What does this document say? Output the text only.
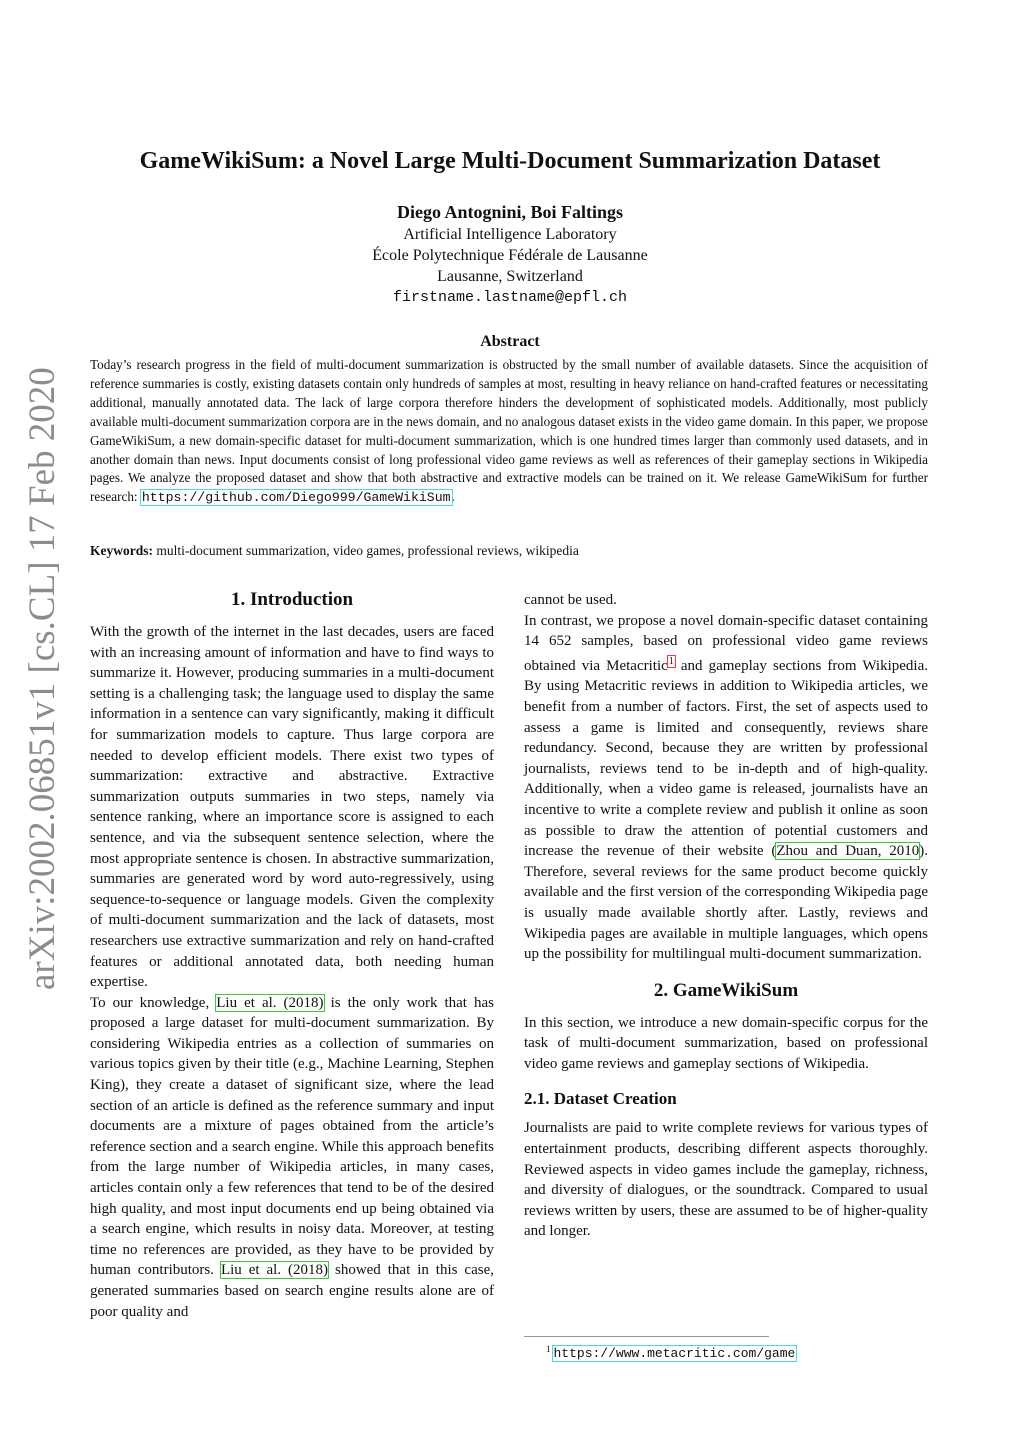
arXiv:2002.06851v1 [cs.CL] 17 Feb 2020
GameWikiSum: a Novel Large Multi-Document Summarization Dataset
Diego Antognini, Boi Faltings
Artificial Intelligence Laboratory
École Polytechnique Fédérale de Lausanne
Lausanne, Switzerland
firstname.lastname@epfl.ch
Abstract

Today’s research progress in the field of multi-document summarization is obstructed by the small number of available datasets. Since the acquisition of reference summaries is costly, existing datasets contain only hundreds of samples at most, resulting in heavy reliance on hand-crafted features or necessitating additional, manually annotated data. The lack of large corpora therefore hinders the development of sophisticated models. Additionally, most publicly available multi-document summarization corpora are in the news domain, and no analogous dataset exists in the video game domain. In this paper, we propose GameWikiSum, a new domain-specific dataset for multi-document summarization, which is one hundred times larger than commonly used datasets, and in another domain than news. Input documents consist of long professional video game reviews as well as references of their gameplay sections in Wikipedia pages. We analyze the proposed dataset and show that both abstractive and extractive models can be trained on it. We release GameWikiSum for further research: https://github.com/Diego999/GameWikiSum.

Keywords: multi-document summarization, video games, professional reviews, wikipedia

1. Introduction

With the growth of the internet in the last decades, users are faced with an increasing amount of information and have to find ways to summarize it. However, producing summaries in a multi-document setting is a challenging task; the language used to display the same information in a sentence can vary significantly, making it difficult for summarization models to capture. Thus large corpora are needed to develop efficient models. There exist two types of summarization: extractive and abstractive. Extractive summarization outputs summaries in two steps, namely via sentence ranking, where an importance score is assigned to each sentence, and via the subsequent sentence selection, where the most appropriate sentence is chosen. In abstractive summarization, summaries are generated word by word auto-regressively, using sequence-to-sequence or language models. Given the complexity of multi-document summarization and the lack of datasets, most researchers use extractive summarization and rely on hand-crafted features or additional annotated data, both needing human expertise.

To our knowledge, Liu et al. (2018) is the only work that has proposed a large dataset for multi-document summarization. By considering Wikipedia entries as a collection of summaries on various topics given by their title (e.g., Machine Learning, Stephen King), they create a dataset of significant size, where the lead section of an article is defined as the reference summary and input documents are a mixture of pages obtained from the article’s reference section and a search engine. While this approach benefits from the large number of Wikipedia articles, in many cases, articles contain only a few references that tend to be of the desired high quality, and most input documents end up being obtained via a search engine, which results in noisy data. Moreover, at testing time no references are provided, as they have to be provided by human contributors. Liu et al. (2018) showed that in this case, generated summaries based on search engine results alone are of poor quality and

cannot be used.

In contrast, we propose a novel domain-specific dataset containing 14 652 samples, based on professional video game reviews obtained via Metacritic$^1$ and gameplay sections from Wikipedia. By using Metacritic reviews in addition to Wikipedia articles, we benefit from a number of factors. First, the set of aspects used to assess a game is limited and consequently, reviews share redundancy. Second, because they are written by professional journalists, reviews tend to be in-depth and of high-quality. Additionally, when a video game is released, journalists have an incentive to write a complete review and publish it online as soon as possible to draw the attention of potential customers and increase the revenue of their website (Zhou and Duan, 2010). Therefore, several reviews for the same product become quickly available and the first version of the corresponding Wikipedia page is usually made available shortly after. Lastly, reviews and Wikipedia pages are available in multiple languages, which opens up the possibility for multilingual multi-document summarization.

2. GameWikiSum

In this section, we introduce a new domain-specific corpus for the task of multi-document summarization, based on professional video game reviews and gameplay sections of Wikipedia.

2.1. Dataset Creation

Journalists are paid to write complete reviews for various types of entertainment products, describing different aspects thoroughly. Reviewed aspects in video games include the gameplay, richness, and diversity of dialogues, or the soundtrack. Compared to usual reviews written by users, these are assumed to be of higher-quality and longer.

$^1$ https://www.metacritic.com/game
